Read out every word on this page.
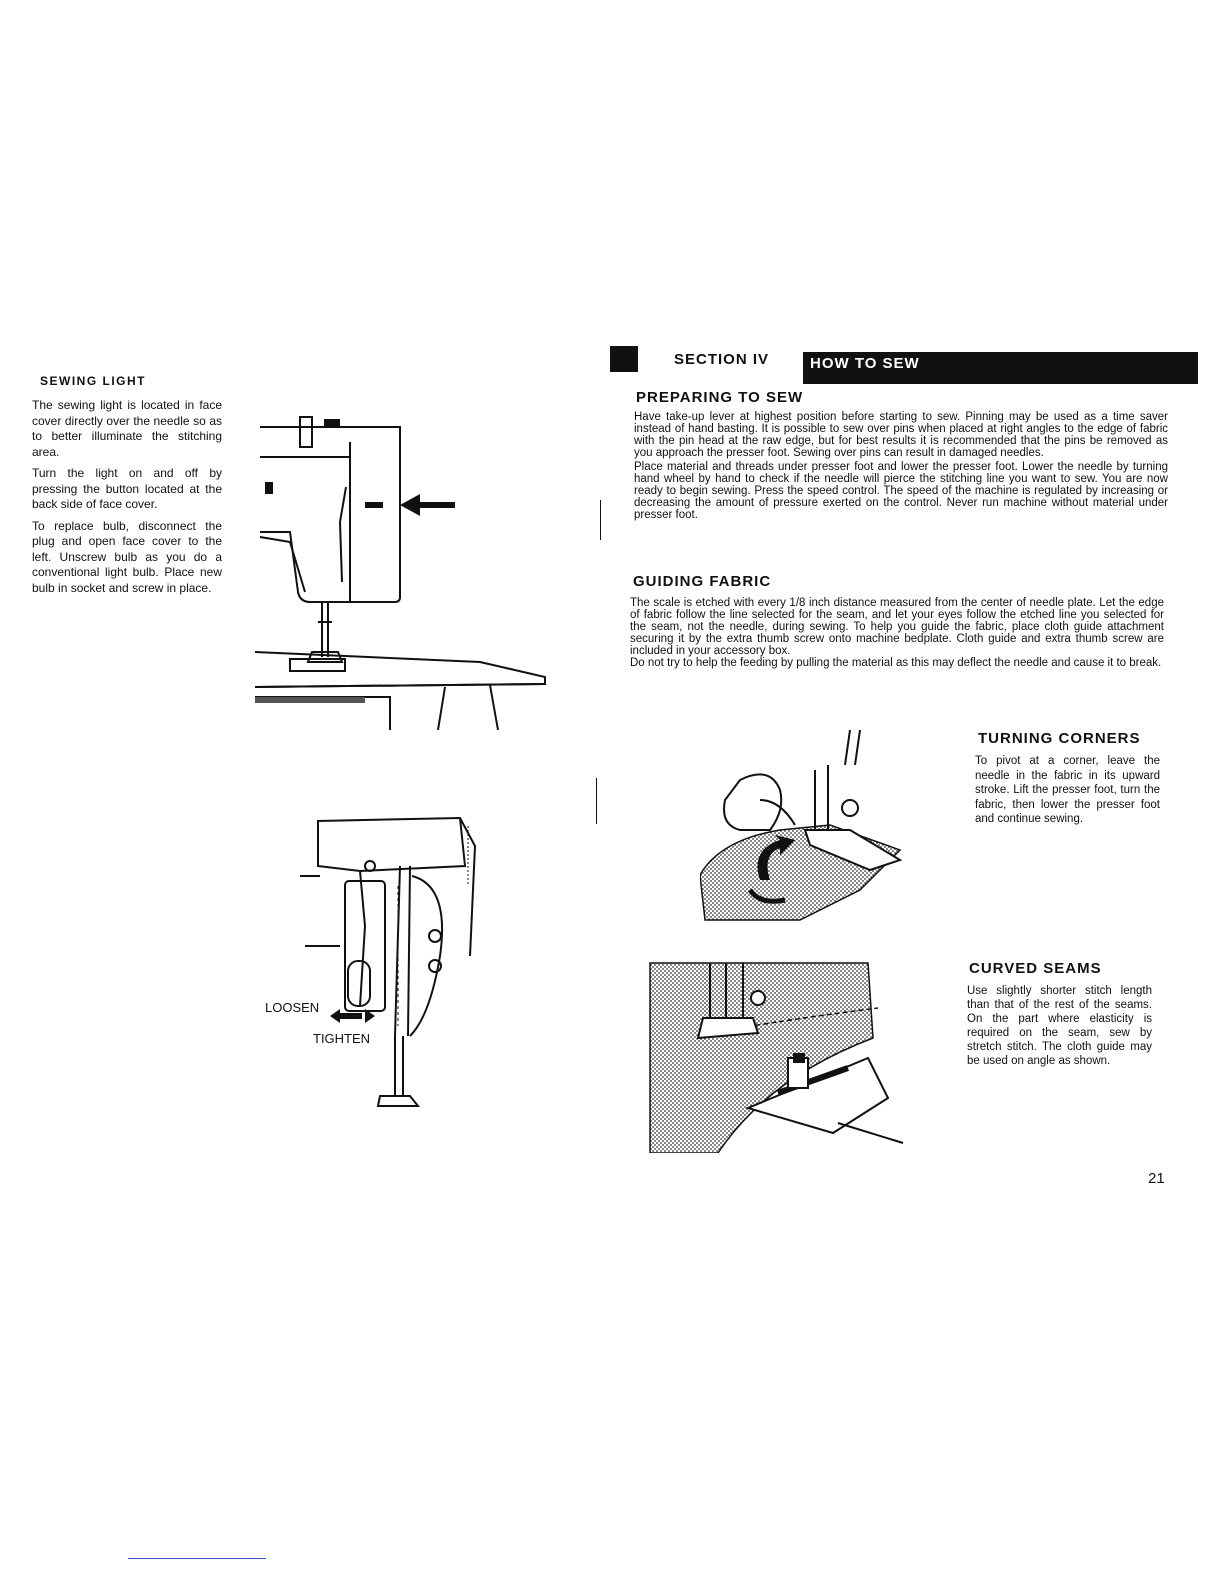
SEWING LIGHT

The sewing light is located in face cover directly over the needle so as to better illuminate the stitching area.

Turn the light on and off by pressing the button located at the back side of face cover.

To replace bulb, disconnect the plug and open face cover to the left. Unscrew bulb as you do a conventional light bulb. Place new bulb in socket and screw in place.

LOOSEN
TIGHTEN
SECTION IV	HOW TO SEW
PREPARING TO SEW

Have take-up lever at highest position before starting to sew. Pinning may be used as a time saver instead of hand basting. It is possible to sew over pins when placed at right angles to the edge of fabric with the pin head at the raw edge, but for best results it is recommended that the pins be removed as you approach the presser foot. Sewing over pins can result in damaged needles.

Place material and threads under presser foot and lower the presser foot. Lower the needle by turning hand wheel by hand to check if the needle will pierce the stitching line you want to sew. You are now ready to begin sewing. Press the speed control. The speed of the machine is regulated by increasing or decreasing the amount of pressure exerted on the control. Never run machine without material under presser foot.

GUIDING FABRIC

The scale is etched with every 1/8 inch distance measured from the center of needle plate. Let the edge of fabric follow the line selected for the seam, and let your eyes follow the etched line you selected for the seam, not the needle, during sewing. To help you guide the fabric, place cloth guide attachment securing it by the extra thumb screw onto machine bedplate. Cloth guide and extra thumb screw are included in your accessory box.

Do not try to help the feeding by pulling the material as this may deflect the needle and cause it to break.

TURNING CORNERS

To pivot at a corner, leave the needle in the fabric in its upward stroke. Lift the presser foot, turn the fabric, then lower the presser foot and continue sewing.

CURVED SEAMS

Use slightly shorter stitch length than that of the rest of the seams. On the part where elasticity is required on the seam, sew by stretch stitch. The cloth guide may be used on angle as shown.

21
